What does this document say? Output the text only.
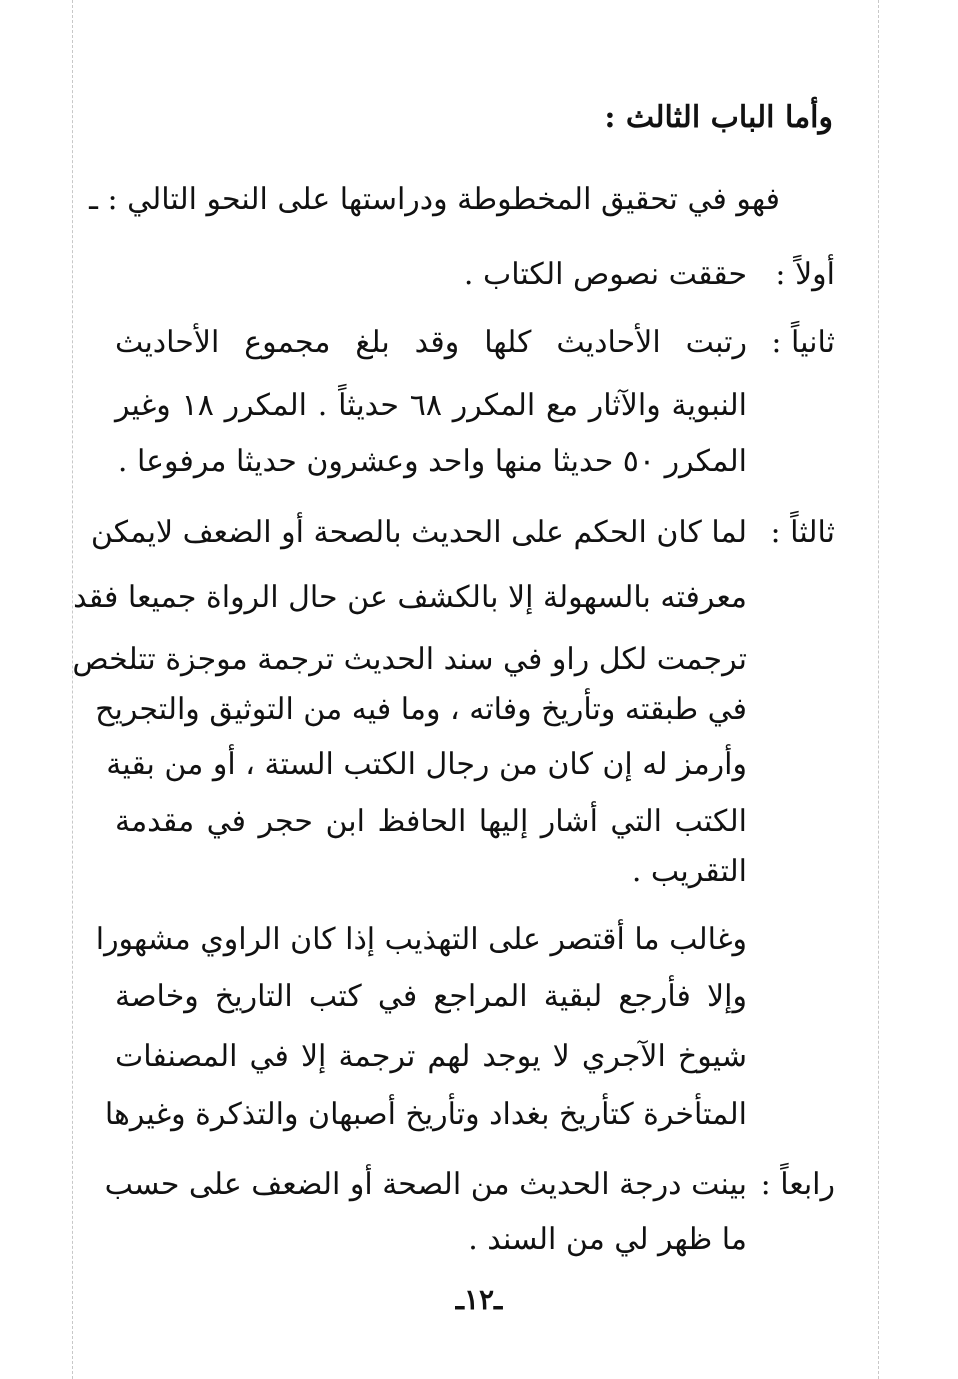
وأما الباب الثالث :
فهو في تحقيق المخطوطة ودراستها على النحو التالي : ـ
أولاً :
حققت نصوص الكتاب .
ثانياً :
رتبت الأحاديث كلها وقد بلغ مجموع الأحاديث
النبوية والآثار مع المكرر ٦٨ حديثاً . المكرر ١٨ وغير
المكرر ٥٠ حديثا منها واحد وعشرون حديثا مرفوعا .
ثالثاً :
لما كان الحكم على الحديث بالصحة أو الضعف لايمكن
معرفته بالسهولة إلا بالكشف عن حال الرواة جميعا فقد
ترجمت لكل راو في سند الحديث ترجمة موجزة تتلخص
في طبقته وتأريخ وفاته ، وما فيه من التوثيق والتجريح
وأرمز له إن كان من رجال الكتب الستة ، أو من بقية
الكتب التي أشار إليها الحافظ ابن حجر في مقدمة
التقريب .
وغالب ما أقتصر على التهذيب إذا كان الراوي مشهورا
وإلا فأرجع لبقية المراجع في كتب التاريخ وخاصة
شيوخ الآجري لا يوجد لهم ترجمة إلا في المصنفات
المتأخرة كتأريخ بغداد وتأريخ أصبهان والتذكرة وغيرها
رابعاً :
بينت درجة الحديث من الصحة أو الضعف على حسب
ما ظهر لي من السند .
ـ١٢ـ
